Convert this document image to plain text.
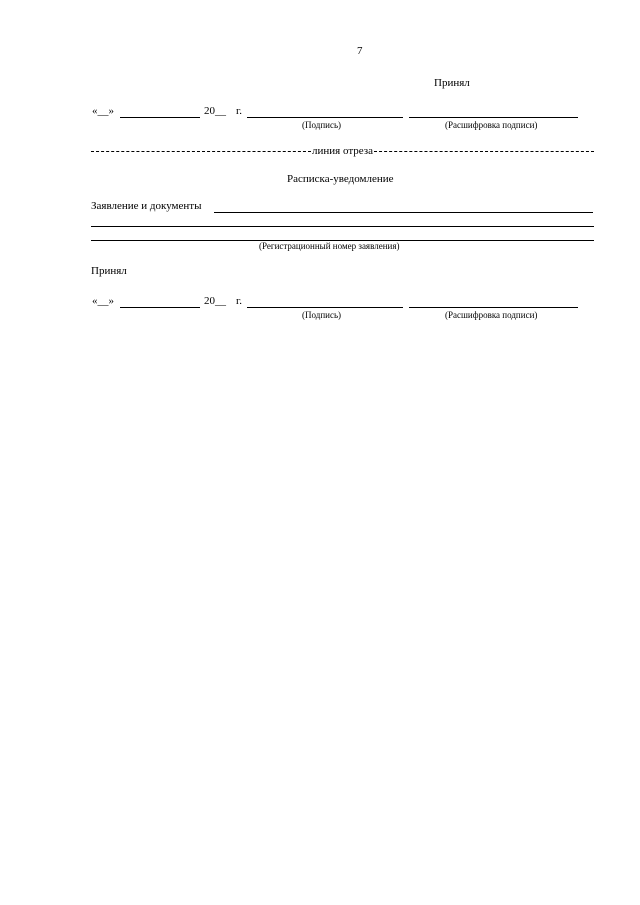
7
Принял
«__»	20__ г.
(Подпись)	(Расшифровка подписи)
линия отреза
Расписка-уведомление
Заявление и документы
(Регистрационный номер заявления)
Принял
«__»	20__ г.
(Подпись)	(Расшифровка подписи)
